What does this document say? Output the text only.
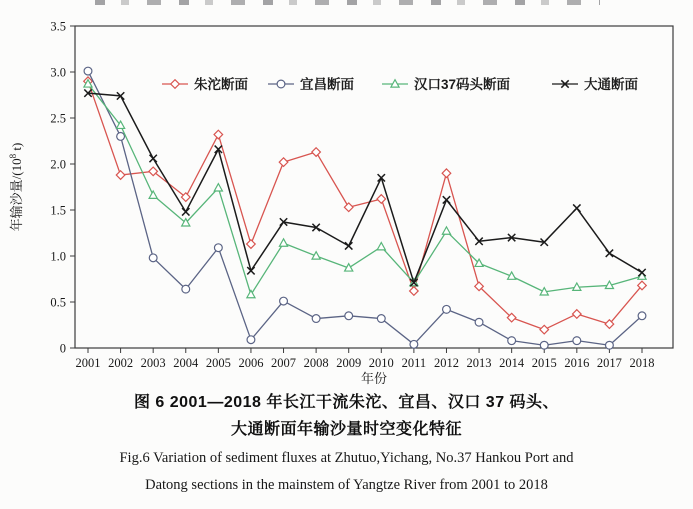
0
0.5
1.0
1.5
2.0
2.5
3.0
3.5
年输沙量$/(10^8$ t)
2001 2002 2003 2004 2005 2006 2007 2008 2009 2010 2011 2012 2013 2014 2015 2016 2017 2018
年份
朱沱断面	宜昌断面	汉口37码头断面	大通断面
图 6 2001—2018 年长江干流朱沱、宜昌、汉口 37 码头、
大通断面年输沙量时空变化特征
Fig.6 Variation of sediment fluxes at Zhutuo,Yichang, No.37 Hankou Port and
Datong sections in the mainstem of Yangtze River from 2001 to 2018
